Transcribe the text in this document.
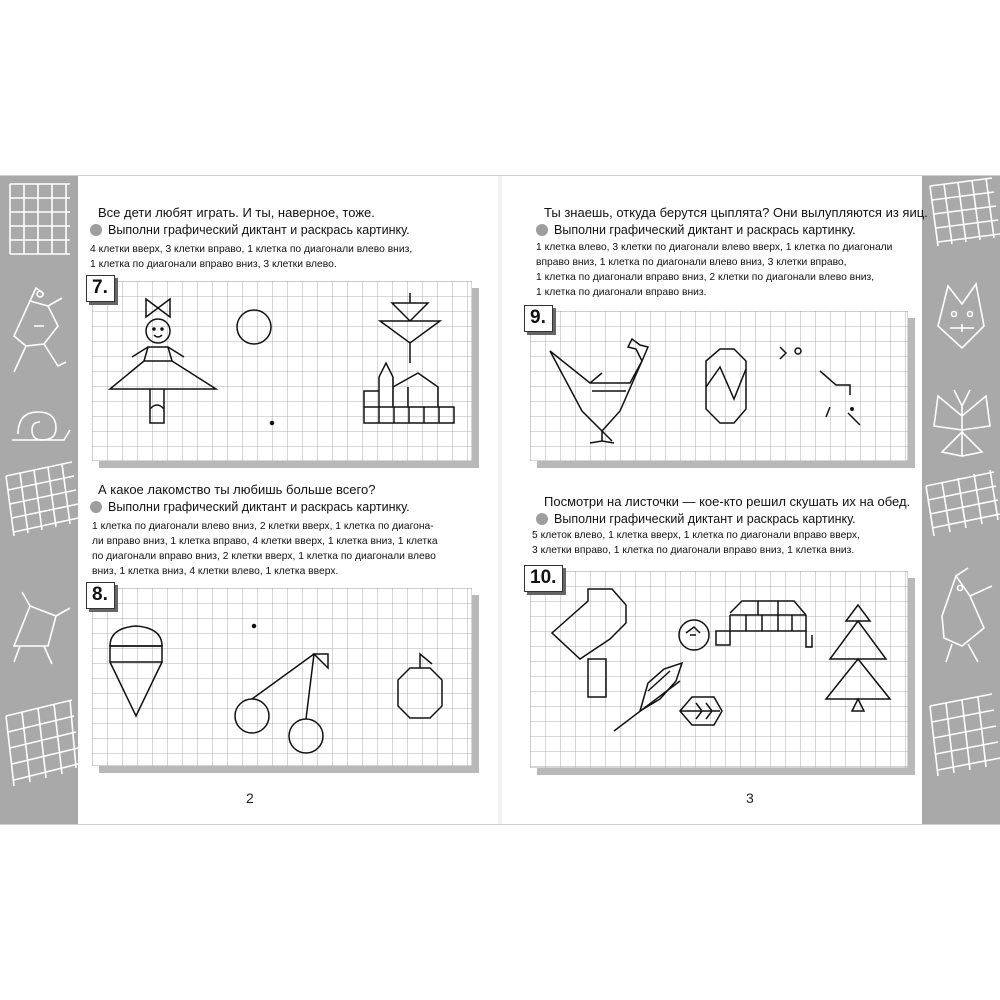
Все дети любят играть. И ты, наверное, тоже.
Выполни графический диктант и раскрась картинку.
4 клетки вверх, 3 клетки вправо, 1 клетка по диагонали влево вниз,
1 клетка по диагонали вправо вниз, 3 клетки влево.
7.
А какое лакомство ты любишь больше всего?
Выполни графический диктант и раскрась картинку.
1 клетка по диагонали влево вниз, 2 клетки вверх, 1 клетка по диагона-
ли вправо вниз, 1 клетка вправо, 4 клетки вверх, 1 клетка вниз, 1 клетка
по диагонали вправо вниз, 2 клетки вверх, 1 клетка по диагонали влево
вниз, 1 клетка вниз, 4 клетки влево, 1 клетка вверх.
8.
2
Ты знаешь, откуда берутся цыплята? Они вылупляются из яиц.
Выполни графический диктант и раскрась картинку.
1 клетка влево, 3 клетки по диагонали влево вверх, 1 клетка по диагонали
вправо вниз, 1 клетка по диагонали влево вниз, 3 клетки вправо,
1 клетка по диагонали вправо вниз, 2 клетки по диагонали влево вниз,
1 клетка по диагонали вправо вниз.
9.
Посмотри на листочки — кое-кто решил скушать их на обед.
Выполни графический диктант и раскрась картинку.
5 клеток влево, 1 клетка вверх, 1 клетка по диагонали вправо вверх,
3 клетки вправо, 1 клетка по диагонали вправо вниз, 1 клетка вниз.
10.
3
